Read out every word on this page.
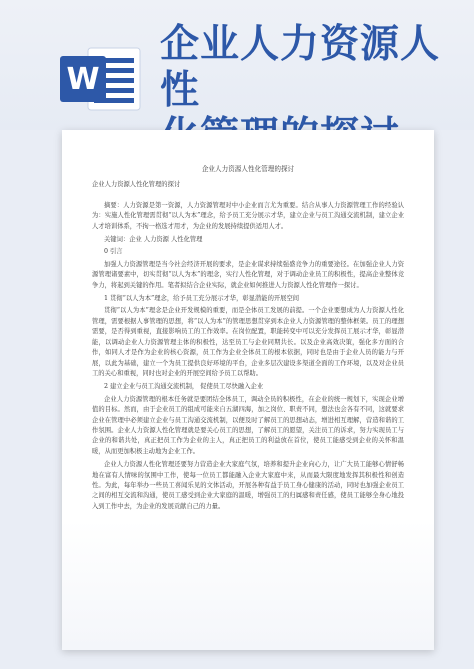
W
企业人力资源人性
企业人力资源人性化管理的探讨
企业人力资源人性化管理的探讨
摘要：人力资源是第一资源，人力资源管理对中小企业而言尤为重要。结合从事人力资源管理工作的经验认为：实施人性化管理需贯彻“以人为本”理念，给予员工充分展示才华，建立企业与员工沟通交流机制，建立企业人才培训体系，不拘一格选才用才，为企业的发展持续提供适用人才。
关键词：企业 人力资源 人性化管理
0 引言
加强人力资源管理是当今社会经济开展的要求，是企业谋求持续强盛竞争力的重要途径。在加强企业人力资源管理诸要素中，切实贯彻“以人为本”的理念，实行人性化管理，对于调动企业员工的积极性，提高企业整体竞争力，将起到关键的作用。笔者拟结合企业实际，就企业如何推进人力资源人性化管理作一探讨。
1 贯彻“以人为本”理念，给予员工充分展示才华，彰显潜能的开展空间
贯彻“以人为本”理念是企业开发规模的重要，而是全体员工发展的前提。一个企业要想成为人力资源人性化管理，需要根据人事管理的思想，将“以人为本”的管理思想贯穿到本企业人力资源管理的整体框架。员工的理想需要，是否得到重视，直接影响员工的工作效率。在岗位配置，职能转变中可以充分发挥员工展示才华，彰显潜能，以调动企业人力资源管理主体的积极性，达至员工与企业同期共长。以及企业高效决策，强化多方面的合作，如同人才是作为企业的核心资源，员工作为企业全体员工的根本依据，同时也是由于企业人员的能力与开展，以此为基础，建立一个为员工提供良好环境的平台，企业多层次建设多渠道全面的工作环境，以及对企业员工的关心和重视，同时也对企业的开展空间给予员工以帮助。
2 建立企业与员工沟通交流机制， 促使员工尽快融入企业
企业人力资源管理的根本任务就是要团结全体员工，调动全员的积极性，在企业的统一规划下，实现企业增值的目标。然而，由于企业员工的组成可能来自五湖四海，加之岗位、职责不同，想法也会各有不同，这就要求企业在管理中必须建立企业与员工沟通交流机制，以便及时了解员工的思想动态，增进相互理解，营造和谐的工作氛围。企业人力资源人性化管理就是要关心员工的思想，了解员工的愿望，关注员工的诉求，努力实现员工与企业的和谐共处，真正把员工作为企业的主人，真正把员工的利益放在首位，使员工能感受到企业的关怀和温暖，从而更加积极主动地为企业工作。
企业人力资源人性化管理还要努力营造企业大家庭气氛，培养和提升企业向心力，让广大员工能够心情舒畅地在富有人情味的氛围中工作，使每一位员工都能融入企业大家庭中来，从而最大限度地发挥其积极性和创造性。为此，每年举办一些员工喜闻乐见的文体活动，开展各种有益于员工身心健康的活动，同时也加强企业员工之间的相互交流和沟通，使员工感受到企业大家庭的温暖，增强员工的归属感和责任感，使员工能够全身心地投入到工作中去，为企业的发展贡献自己的力量。
